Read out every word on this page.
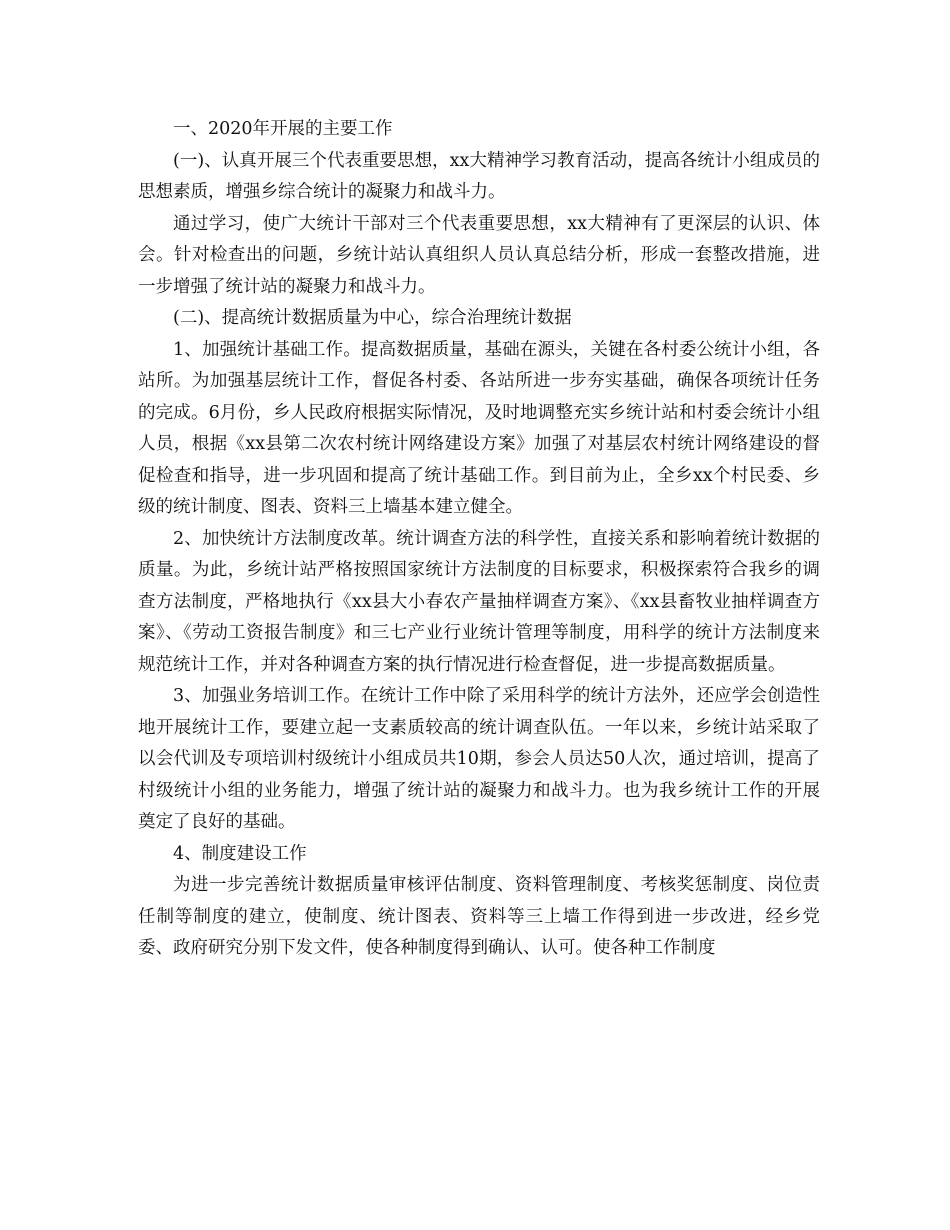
一、2020年开展的主要工作

(一)、认真开展三个代表重要思想，xx大精神学习教育活动，提高各统计小组成员的思想素质，增强乡综合统计的凝聚力和战斗力。

通过学习，使广大统计干部对三个代表重要思想，xx大精神有了更深层的认识、体会。针对检查出的问题，乡统计站认真组织人员认真总结分析，形成一套整改措施，进一步增强了统计站的凝聚力和战斗力。

(二)、提高统计数据质量为中心，综合治理统计数据

1、加强统计基础工作。提高数据质量，基础在源头，关键在各村委公统计小组，各站所。为加强基层统计工作，督促各村委、各站所进一步夯实基础，确保各项统计任务的完成。6月份，乡人民政府根据实际情况，及时地调整充实乡统计站和村委会统计小组人员，根据《xx县第二次农村统计网络建设方案》加强了对基层农村统计网络建设的督促检查和指导，进一步巩固和提高了统计基础工作。到目前为止，全乡xx个村民委、乡级的统计制度、图表、资料三上墙基本建立健全。

2、加快统计方法制度改革。统计调查方法的科学性，直接关系和影响着统计数据的质量。为此，乡统计站严格按照国家统计方法制度的目标要求，积极探索符合我乡的调查方法制度，严格地执行《xx县大小春农产量抽样调查方案》、《xx县畜牧业抽样调查方案》、《劳动工资报告制度》和三七产业行业统计管理等制度，用科学的统计方法制度来规范统计工作，并对各种调查方案的执行情况进行检查督促，进一步提高数据质量。

3、加强业务培训工作。在统计工作中除了采用科学的统计方法外，还应学会创造性地开展统计工作，要建立起一支素质较高的统计调查队伍。一年以来，乡统计站采取了以会代训及专项培训村级统计小组成员共10期，参会人员达50人次，通过培训，提高了村级统计小组的业务能力，增强了统计站的凝聚力和战斗力。也为我乡统计工作的开展奠定了良好的基础。

4、制度建设工作

为进一步完善统计数据质量审核评估制度、资料管理制度、考核奖惩制度、岗位责任制等制度的建立，使制度、统计图表、资料等三上墙工作得到进一步改进，经乡党委、政府研究分别下发文件，使各种制度得到确认、认可。使各种工作制度
